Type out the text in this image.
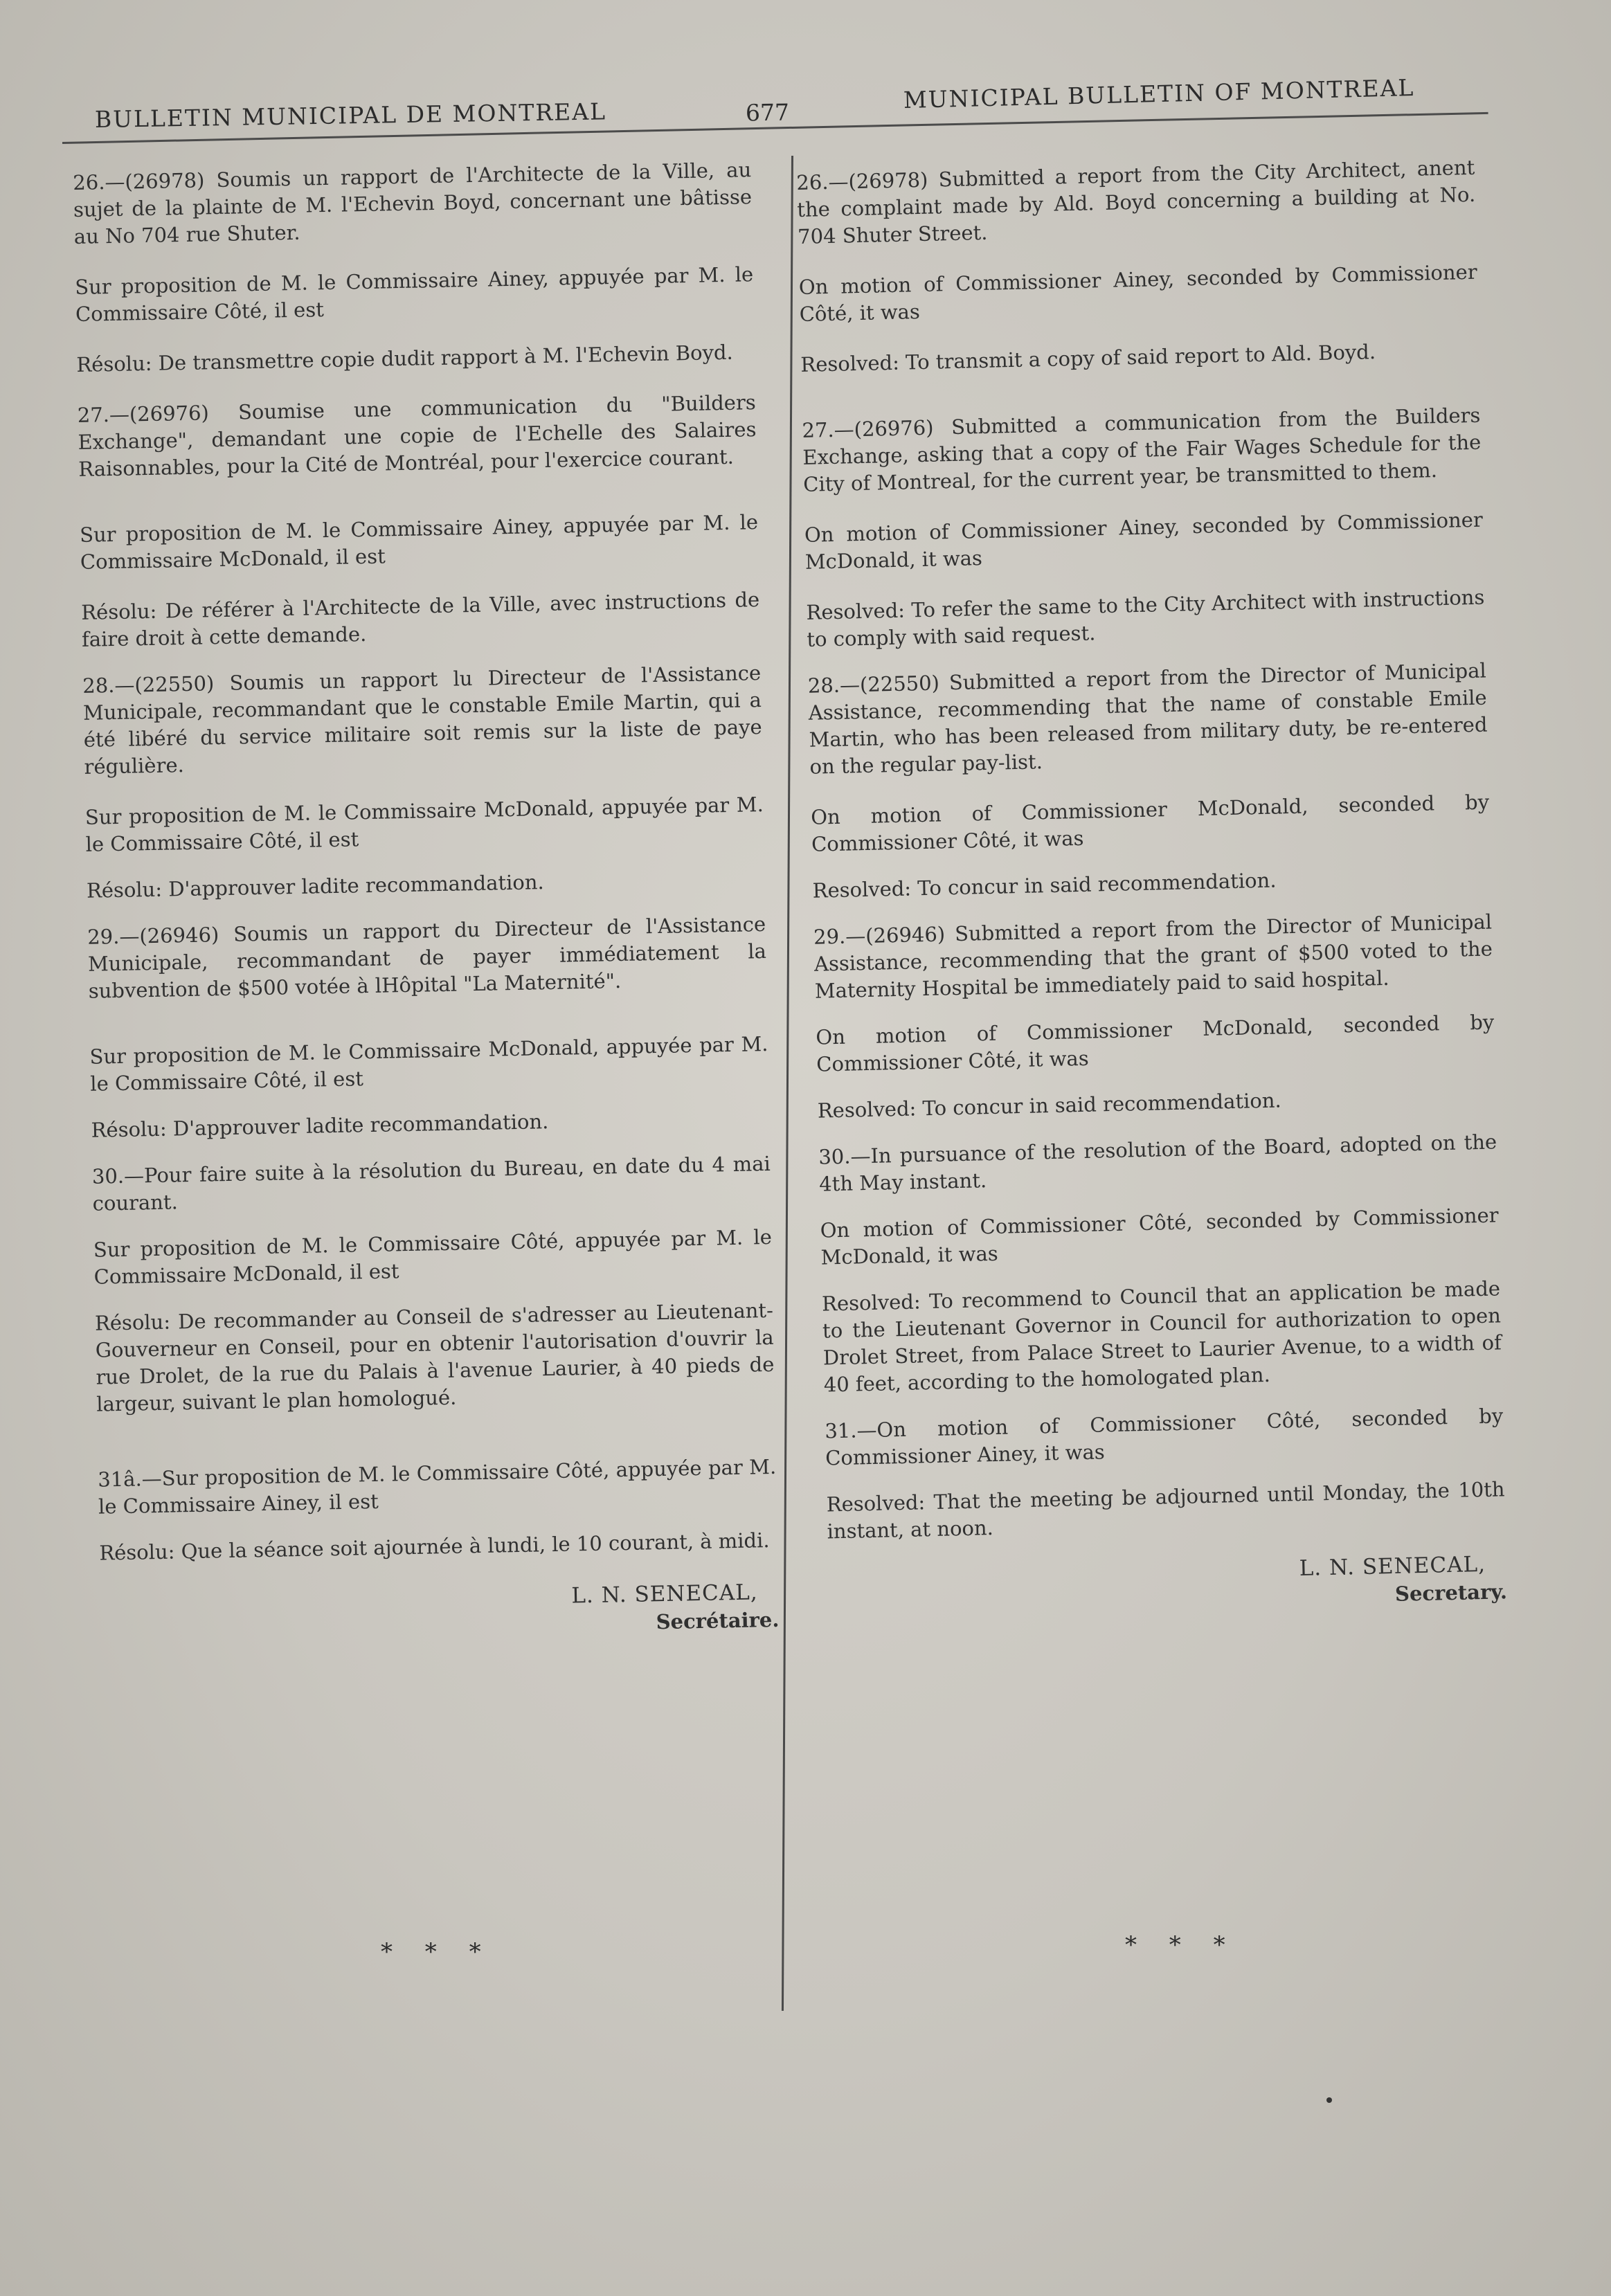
BULLETIN MUNICIPAL DE MONTREAL	677	MUNICIPAL BULLETIN OF MONTREAL

26.—(26978) Soumis un rapport de l'Architecte de la Ville, au sujet de la plainte de M. l'Echevin Boyd, concernant une bâtisse au No 704 rue Shuter.

Sur proposition de M. le Commissaire Ainey, appuyée par M. le Commissaire Côté, il est

Résolu: De transmettre copie dudit rapport à M. l'Echevin Boyd.

27.—(26976) Soumise une communication du "Builders Exchange", demandant une copie de l'Echelle des Salaires Raisonnables, pour la Cité de Montréal, pour l'exercice courant.

Sur proposition de M. le Commissaire Ainey, appuyée par M. le Commissaire McDonald, il est

Résolu: De référer à l'Architecte de la Ville, avec instructions de faire droit à cette demande.

28.—(22550) Soumis un rapport lu Directeur de l'Assistance Municipale, recommandant que le constable Emile Martin, qui a été libéré du service militaire soit remis sur la liste de paye régulière.

Sur proposition de M. le Commissaire McDonald, appuyée par M. le Commissaire Côté, il est

Résolu: D'approuver ladite recommandation.

29.—(26946) Soumis un rapport du Directeur de l'Assistance Municipale, recommandant de payer immédiatement la subvention de $500 votée à lHôpital "La Maternité".

Sur proposition de M. le Commissaire McDonald, appuyée par M. le Commissaire Côté, il est

Résolu: D'approuver ladite recommandation.

30.—Pour faire suite à la résolution du Bureau, en date du 4 mai courant.

Sur proposition de M. le Commissaire Côté, appuyée par M. le Commissaire McDonald, il est

Résolu: De recommander au Conseil de s'adresser au Lieutenant-Gouverneur en Conseil, pour en obtenir l'autorisation d'ouvrir la rue Drolet, de la rue du Palais à l'avenue Laurier, à 40 pieds de largeur, suivant le plan homologué.

31â.—Sur proposition de M. le Commissaire Côté, appuyée par M. le Commissaire Ainey, il est

Résolu: Que la séance soit ajournée à lundi, le 10 courant, à midi.

L. N. SENECAL,

Secrétaire.

26.—(26978) Submitted a report from the City Architect, anent the complaint made by Ald. Boyd concerning a building at No. 704 Shuter Street.

On motion of Commissioner Ainey, seconded by Commissioner Côté, it was

Resolved: To transmit a copy of said report to Ald. Boyd.

27.—(26976) Submitted a communication from the Builders Exchange, asking that a copy of the Fair Wages Schedule for the City of Montreal, for the current year, be transmitted to them.

On motion of Commissioner Ainey, seconded by Commissioner McDonald, it was

Resolved: To refer the same to the City Architect with instructions to comply with said request.

28.—(22550) Submitted a report from the Director of Municipal Assistance, recommending that the name of constable Emile Martin, who has been released from military duty, be re-entered on the regular pay-list.

On motion of Commissioner McDonald, seconded by Commissioner Côté, it was

Resolved: To concur in said recommendation.

29.—(26946) Submitted a report from the Director of Municipal Assistance, recommending that the grant of $500 voted to the Maternity Hospital be immediately paid to said hospital.

On motion of Commissioner McDonald, seconded by Commissioner Côté, it was

Resolved: To concur in said recommendation.

30.—In pursuance of the resolution of the Board, adopted on the 4th May instant.

On motion of Commissioner Côté, seconded by Commissioner McDonald, it was

Resolved: To recommend to Council that an application be made to the Lieutenant Governor in Council for authorization to open Drolet Street, from Palace Street to Laurier Avenue, to a width of 40 feet, according to the homologated plan.

31.—On motion of Commissioner Côté, seconded by Commissioner Ainey, it was

Resolved: That the meeting be adjourned until Monday, the 10th instant, at noon.

L. N. SENECAL,

Secretary.

* * *	* * *
